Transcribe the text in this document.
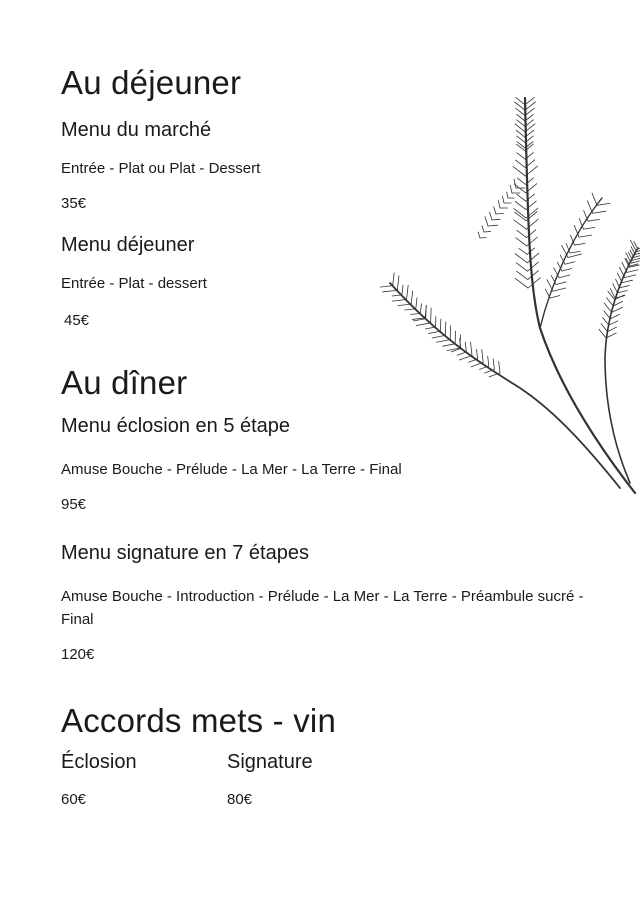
Au déjeuner
Menu du marché

Entrée - Plat ou Plat - Dessert

35€

Menu déjeuner

Entrée - Plat - dessert

45€

Au dîner
Menu éclosion en 5 étape

Amuse Bouche - Prélude - La Mer - La Terre - Final

95€

Menu signature en 7 étapes

Amuse Bouche - Introduction - Prélude - La Mer - La Terre - Préambule sucré - Final

120€

Accords mets - vin
Éclosion

60€

Signature

80€
